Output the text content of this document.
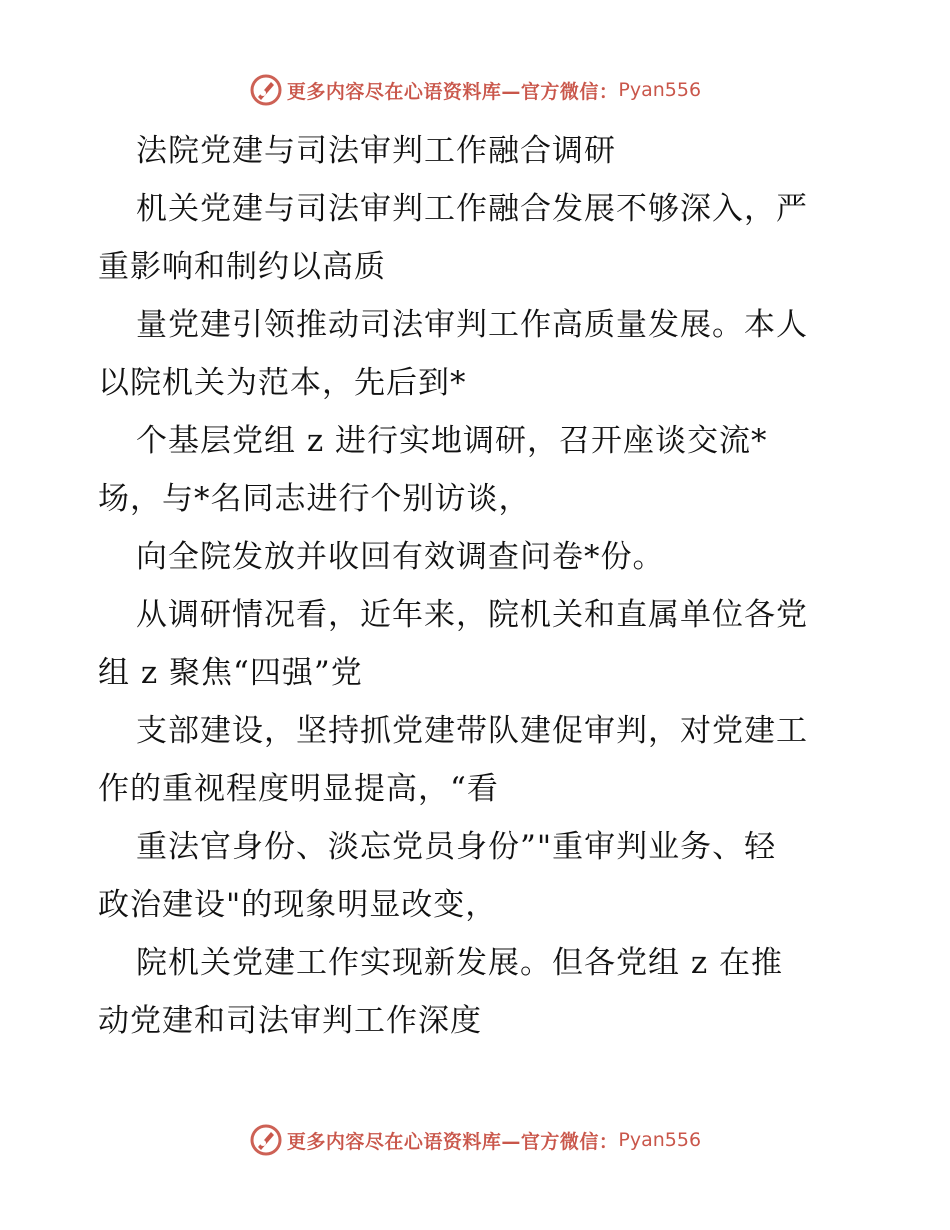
更多内容尽在心语资料库—官方微信： Pyan556
法院党建与司法审判工作融合调研
机关党建与司法审判工作融合发展不够深入，严
重影响和制约以高质
量党建引领推动司法审判工作高质量发展。本人
以院机关为范本，先后到*
个基层党组 z 进行实地调研，召开座谈交流*
场，与*名同志进行个别访谈，
向全院发放并收回有效调查问卷*份。
从调研情况看，近年来，院机关和直属单位各党
组 z 聚焦“四强”党
支部建设，坚持抓党建带队建促审判，对党建工
作的重视程度明显提高，“看
重法官身份、淡忘党员身份”"重审判业务、轻
政治建设"的现象明显改变，
院机关党建工作实现新发展。但各党组 z 在推
动党建和司法审判工作深度
更多内容尽在心语资料库—官方微信： Pyan556
